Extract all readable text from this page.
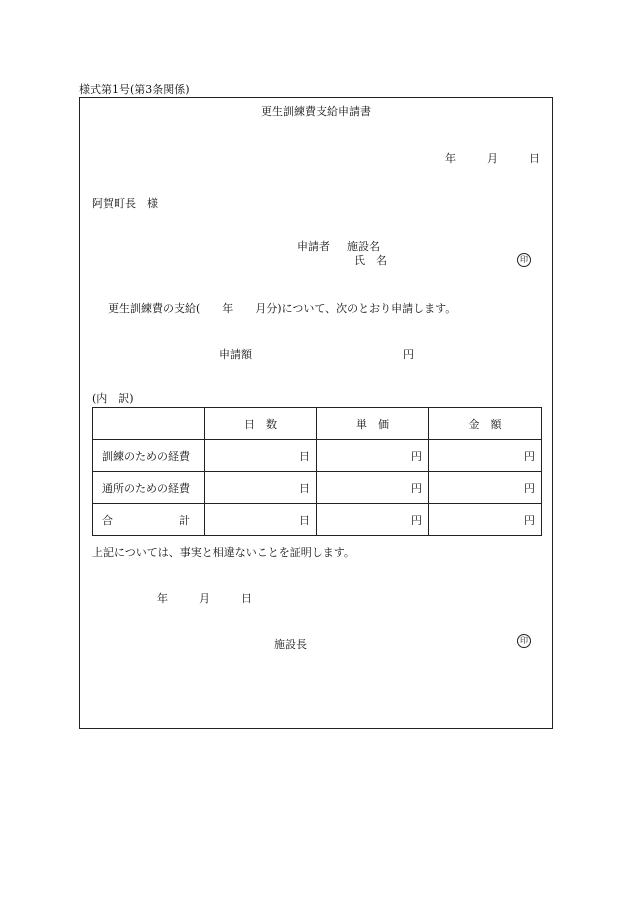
様式第1号(第3条関係)
更生訓練費支給申請書
年	月	日
阿賀町長　様
申請者 施設名
氏　名	印
更生訓練費の支給(　　年　　月分)について、次のとおり申請します。
申請額	円
(内　訳)
	日　数	単　価	金　額
訓練のための経費	日	円	円
通所のための経費	日	円	円
合　　　　　　計	日	円	円
上記については、事実と相違ないことを証明します。
年	月	日
施設長	印
